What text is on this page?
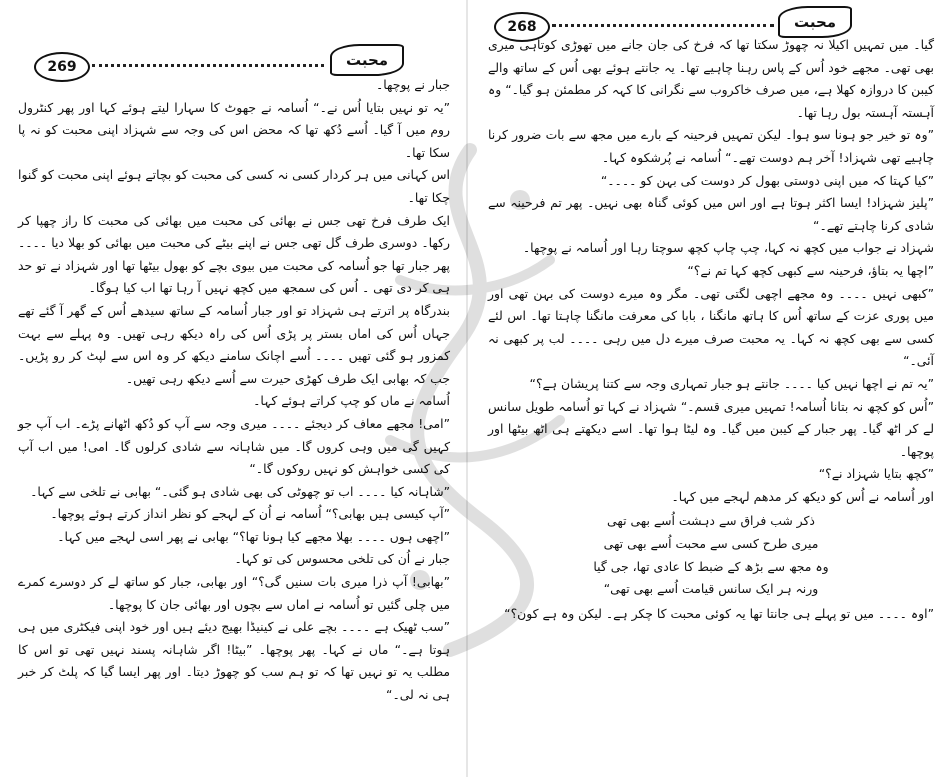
269	محبت

جبار نے پوچھا۔

”یہ تو نہیں بتایا اُس نے۔“ اُسامہ نے جھوٹ کا سہارا لیتے ہوئے کہا اور پھر کنٹرول روم میں آ گیا۔ اُسے دُکھ تھا کہ محض اس کی وجہ سے شہزاد اپنی محبت کو نہ پا سکا تھا۔

اس کہانی میں ہر کردار کسی نہ کسی کی محبت کو بچاتے ہوئے اپنی محبت کو گنوا چکا تھا۔

ایک طرف فرخ تھی جس نے بھائی کی محبت میں بھائی کی محبت کا راز چھپا کر رکھا۔ دوسری طرف گل تھی جس نے اپنے بیٹے کی محبت میں بھائی کو بھلا دیا ۔۔۔۔ پھر جبار تھا جو اُسامہ کی محبت میں بیوی بچے کو بھول بیٹھا تھا اور شہزاد نے تو حد ہی کر دی تھی ۔ اُس کی سمجھ میں کچھ نہیں آ رہا تھا اب کیا ہوگا۔

بندرگاہ پر اترتے ہی شہزاد تو اور جبار اُسامہ کے ساتھ سیدھے اُس کے گھر آ گئے تھے جہاں اُس کی اماں بستر پر پڑی اُس کی راہ دیکھ رہی تھیں۔ وہ پہلے سے بہت کمزور ہو گئی تھیں ۔۔۔۔ اُسے اچانک سامنے دیکھ کر وہ اس سے لپٹ کر رو پڑیں۔ جب کہ بھابی ایک طرف کھڑی حیرت سے اُسے دیکھ رہی تھیں۔

اُسامہ نے ماں کو چپ کراتے ہوئے کہا۔

”امی! مجھے معاف کر دیجئے ۔۔۔۔ میری وجہ سے آپ کو دُکھ اٹھانے پڑے۔ اب آپ جو کہیں گی میں وہی کروں گا۔ میں شاہانہ سے شادی کرلوں گا۔ امی! میں اب آپ کی کسی خواہش کو نہیں روکوں گا۔“

”شاہانہ کیا ۔۔۔۔ اب تو چھوٹی کی بھی شادی ہو گئی۔“ بھابی نے تلخی سے کہا۔

”آپ کیسی ہیں بھابی؟“ اُسامہ نے اُن کے لہجے کو نظر انداز کرتے ہوئے پوچھا۔

”اچھی ہوں ۔۔۔۔ بھلا مجھے کیا ہونا تھا؟“ بھابی نے پھر اسی لہجے میں کہا۔

جبار نے اُن کی تلخی محسوس کی تو کہا۔

”بھابی! آپ ذرا میری بات سنیں گی؟“ اور بھابی، جبار کو ساتھ لے کر دوسرے کمرے میں چلی گئیں تو اُسامہ نے اماں سے بچوں اور بھائی جان کا پوچھا۔

”سب ٹھیک ہے ۔۔۔۔ بچے علی نے کینیڈا بھیج دیئے ہیں اور خود اپنی فیکٹری میں ہی ہوتا ہے۔“ ماں نے کہا۔ پھر پوچھا۔ ”بیٹا! اگر شاہانہ پسند نہیں تھی تو اس کا مطلب یہ تو نہیں تھا کہ تو ہم سب کو چھوڑ دیتا۔ اور پھر ایسا گیا کہ پلٹ کر خبر ہی نہ لی۔“

268	محبت

گیا۔ میں تمہیں اکیلا نہ چھوڑ سکتا تھا کہ فرخ کی جان جانے میں تھوڑی کوتاہی میری بھی تھی۔ مجھے خود اُس کے پاس رہنا چاہیے تھا۔ یہ جانتے ہوئے بھی اُس کے ساتھ والے کیبن کا دروازہ کھلا ہے، میں صرف خاکروب سے نگرانی کا کہہ کر مطمئن ہو گیا۔“ وہ آہستہ آہستہ بول رہا تھا۔

”وہ تو خیر جو ہونا سو ہوا۔ لیکن تمہیں فرحینہ کے بارے میں مجھ سے بات ضرور کرنا چاہیے تھی شہزاد! آخر ہم دوست تھے۔“ اُسامہ نے پُرشکوہ کہا۔

”کیا کہتا کہ میں اپنی دوستی بھول کر دوست کی بہن کو ۔۔۔۔“

”پلیز شہزاد! ایسا اکثر ہوتا ہے اور اس میں کوئی گناہ بھی نہیں۔ پھر تم فرحینہ سے شادی کرنا چاہتے تھے۔“

شہزاد نے جواب میں کچھ نہ کہا، چپ چاپ کچھ سوچتا رہا اور اُسامہ نے پوچھا۔

”اچھا یہ بتاؤ، فرحینہ سے کبھی کچھ کہا تم نے؟“

”کبھی نہیں ۔۔۔۔ وہ مجھے اچھی لگتی تھی۔ مگر وہ میرے دوست کی بہن تھی اور میں پوری عزت کے ساتھ اُس کا ہاتھ مانگنا ، بابا کی معرفت مانگنا چاہتا تھا۔ اس لئے کسی سے بھی کچھ نہ کہا۔ یہ محبت صرف میرے دل میں رہی ۔۔۔۔ لب پر کبھی نہ آئی۔“

”یہ تم نے اچھا نہیں کیا ۔۔۔۔ جانتے ہو جبار تمہاری وجہ سے کتنا پریشان ہے؟“

”اُس کو کچھ نہ بتانا اُسامہ! تمہیں میری قسم۔“ شہزاد نے کہا تو اُسامہ طویل سانس لے کر اٹھ گیا۔ پھر جبار کے کیبن میں گیا۔ وہ لیٹا ہوا تھا۔ اسے دیکھتے ہی اٹھ بیٹھا اور پوچھا۔

”کچھ بتایا شہزاد نے؟“

اور اُسامہ نے اُس کو دیکھ کر مدھم لہجے میں کہا۔

ذکر شب فراق سے دہشت اُسے بھی تھی

میری طرح کسی سے محبت اُسے بھی تھی

وہ مجھ سے بڑھ کے ضبط کا عادی تھا، جی گیا

ورنہ ہر ایک سانس قیامت اُسے بھی تھی“

”اوہ ۔۔۔۔ میں تو پہلے ہی جانتا تھا یہ کوئی محبت کا چکر ہے۔ لیکن وہ ہے کون؟“
